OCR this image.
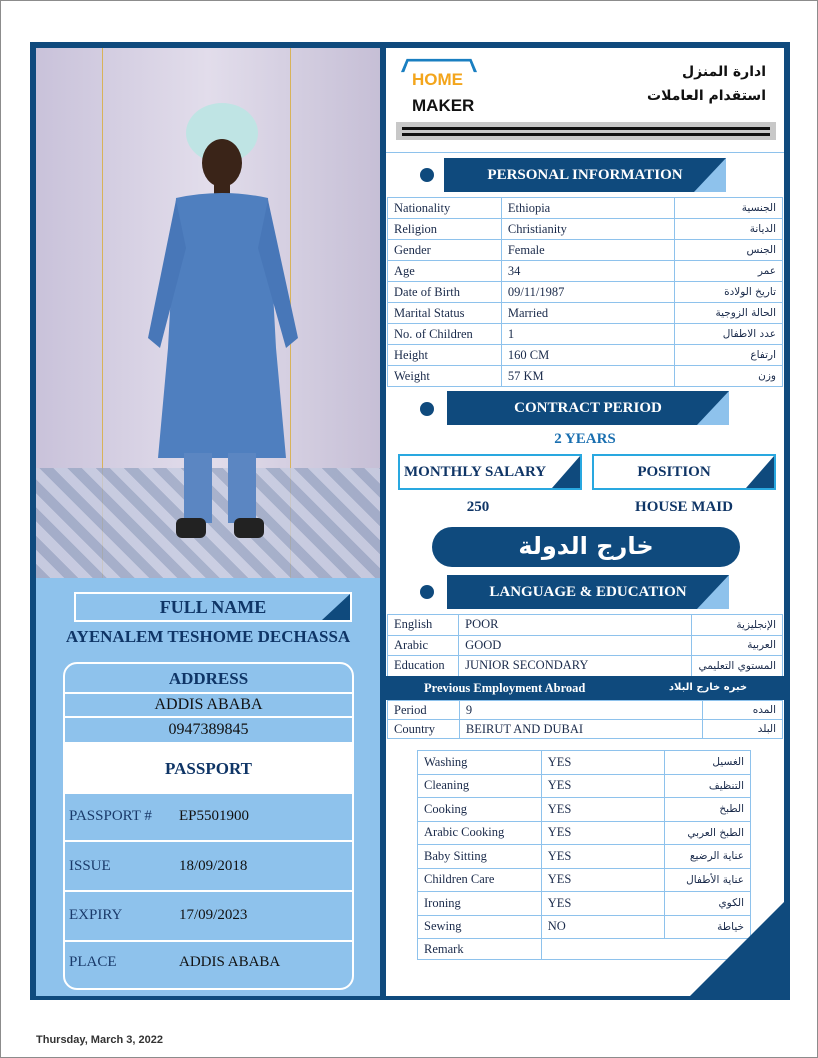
FULL NAME
AYENALEM TESHOME DECHASSA
ADDRESS
ADDIS ABABA
0947389845
PASSPORT
PASSPORT # EP5501900
ISSUE	18/09/2018
EXPIRY	17/09/2023
PLACE	ADDIS ABABA
HOME
MAKER
ادارة المنزل
استقدام العاملات
PERSONAL INFORMATION
Nationality	Ethiopia	الجنسية
Religion	Christianity	الديانة
Gender	Female	الجنس
Age	34	عمر
Date of Birth	09/11/1987	تاريخ الولادة
Marital Status	Married	الحالة الزوجية
No. of Children	1	عدد الاطفال
Height	160 CM	ارتفاع
Weight	57 KM	وزن
CONTRACT PERIOD
2 YEARS
MONTHLY SALARY	POSITION
250	HOUSE MAID
خارج الدولة
LANGUAGE & EDUCATION
English	POOR	الإنجليزية
Arabic	GOOD	العربية
Education	JUNIOR SECONDARY	المستوي التعليمي
Previous Employment Abroad	خبره خارج البلاد
Period	9	المده
Country	BEIRUT AND DUBAI	البلد
Washing	YES	الغسيل
Cleaning	YES	التنظيف
Cooking	YES	الطبخ
Arabic Cooking	YES	الطبخ العربي
Baby Sitting	YES	عناية الرضيع
Children Care	YES	عناية الأطفال
Ironing	YES	الكوي
Sewing	NO	خياطة
Remark		
Thursday, March 3, 2022
